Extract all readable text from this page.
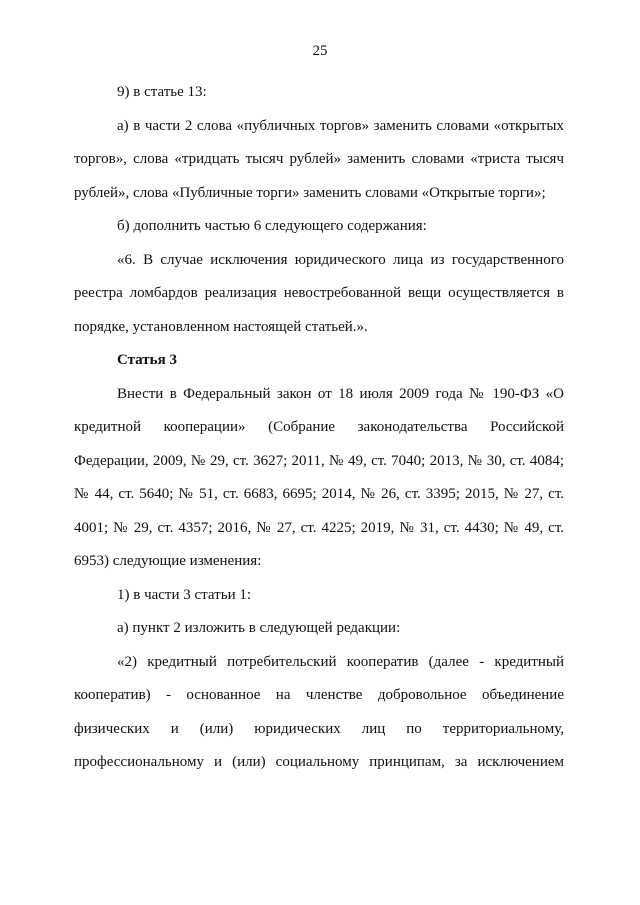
25

9) в статье 13:

а) в части 2 слова «публичных торгов» заменить словами «открытых торгов», слова «тридцать тысяч рублей» заменить словами «триста тысяч рублей», слова «Публичные торги» заменить словами «Открытые торги»;

б) дополнить частью 6 следующего содержания:

«6. В случае исключения юридического лица из государственного реестра ломбардов реализация невостребованной вещи осуществляется в порядке, установленном настоящей статьей.».

Статья 3

Внести в Федеральный закон от 18 июля 2009 года № 190-ФЗ «О кредитной кооперации» (Собрание законодательства Российской Федерации, 2009, № 29, ст. 3627; 2011, № 49, ст. 7040; 2013, № 30, ст. 4084; № 44, ст. 5640; № 51, ст. 6683, 6695; 2014, № 26, ст. 3395; 2015, № 27, ст. 4001; № 29, ст. 4357; 2016, № 27, ст. 4225; 2019, № 31, ст. 4430; № 49, ст. 6953) следующие изменения:

1) в части 3 статьи 1:

а) пункт 2 изложить в следующей редакции:

«2) кредитный потребительский кооператив (далее - кредитный кооператив) - основанное на членстве добровольное объединение физических и (или) юридических лиц по территориальному, профессиональному и (или) социальному принципам, за исключением
